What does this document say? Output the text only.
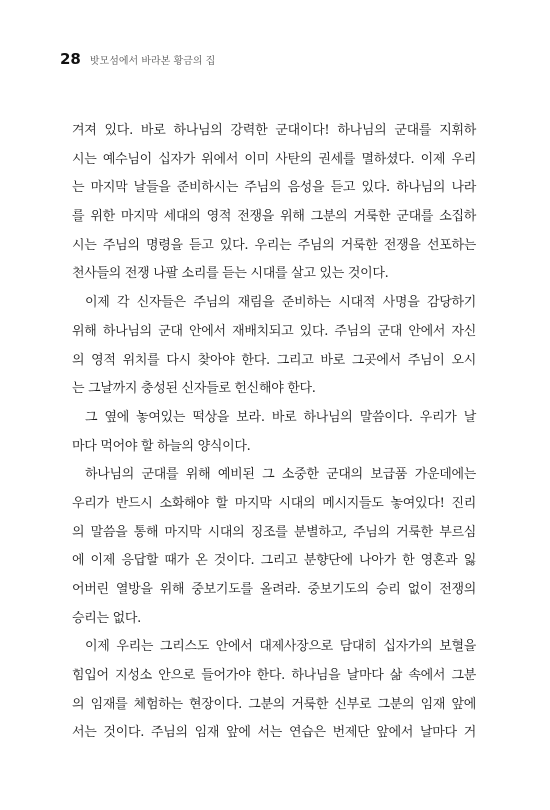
28 밧모섬에서 바라본 황금의 집
겨져 있다. 바로 하나님의 강력한 군대이다! 하나님의 군대를 지휘하
시는 예수님이 십자가 위에서 이미 사탄의 권세를 멸하셨다. 이제 우리
는 마지막 날들을 준비하시는 주님의 음성을 듣고 있다. 하나님의 나라
를 위한 마지막 세대의 영적 전쟁을 위해 그분의 거룩한 군대를 소집하
시는 주님의 명령을 듣고 있다. 우리는 주님의 거룩한 전쟁을 선포하는
천사들의 전쟁 나팔 소리를 듣는 시대를 살고 있는 것이다.
이제 각 신자들은 주님의 재림을 준비하는 시대적 사명을 감당하기
위해 하나님의 군대 안에서 재배치되고 있다. 주님의 군대 안에서 자신
의 영적 위치를 다시 찾아야 한다. 그리고 바로 그곳에서 주님이 오시
는 그날까지 충성된 신자들로 헌신해야 한다.
그 옆에 놓여있는 떡상을 보라. 바로 하나님의 말씀이다. 우리가 날
마다 먹어야 할 하늘의 양식이다.
하나님의 군대를 위해 예비된 그 소중한 군대의 보급품 가운데에는
우리가 반드시 소화해야 할 마지막 시대의 메시지들도 놓여있다! 진리
의 말씀을 통해 마지막 시대의 징조를 분별하고, 주님의 거룩한 부르심
에 이제 응답할 때가 온 것이다. 그리고 분향단에 나아가 한 영혼과 잃
어버린 열방을 위해 중보기도를 올려라. 중보기도의 승리 없이 전쟁의
승리는 없다.
이제 우리는 그리스도 안에서 대제사장으로 담대히 십자가의 보혈을
힘입어 지성소 안으로 들어가야 한다. 하나님을 날마다 삶 속에서 그분
의 임재를 체험하는 현장이다. 그분의 거룩한 신부로 그분의 임재 앞에
서는 것이다. 주님의 임재 앞에 서는 연습은 번제단 앞에서 날마다 거
